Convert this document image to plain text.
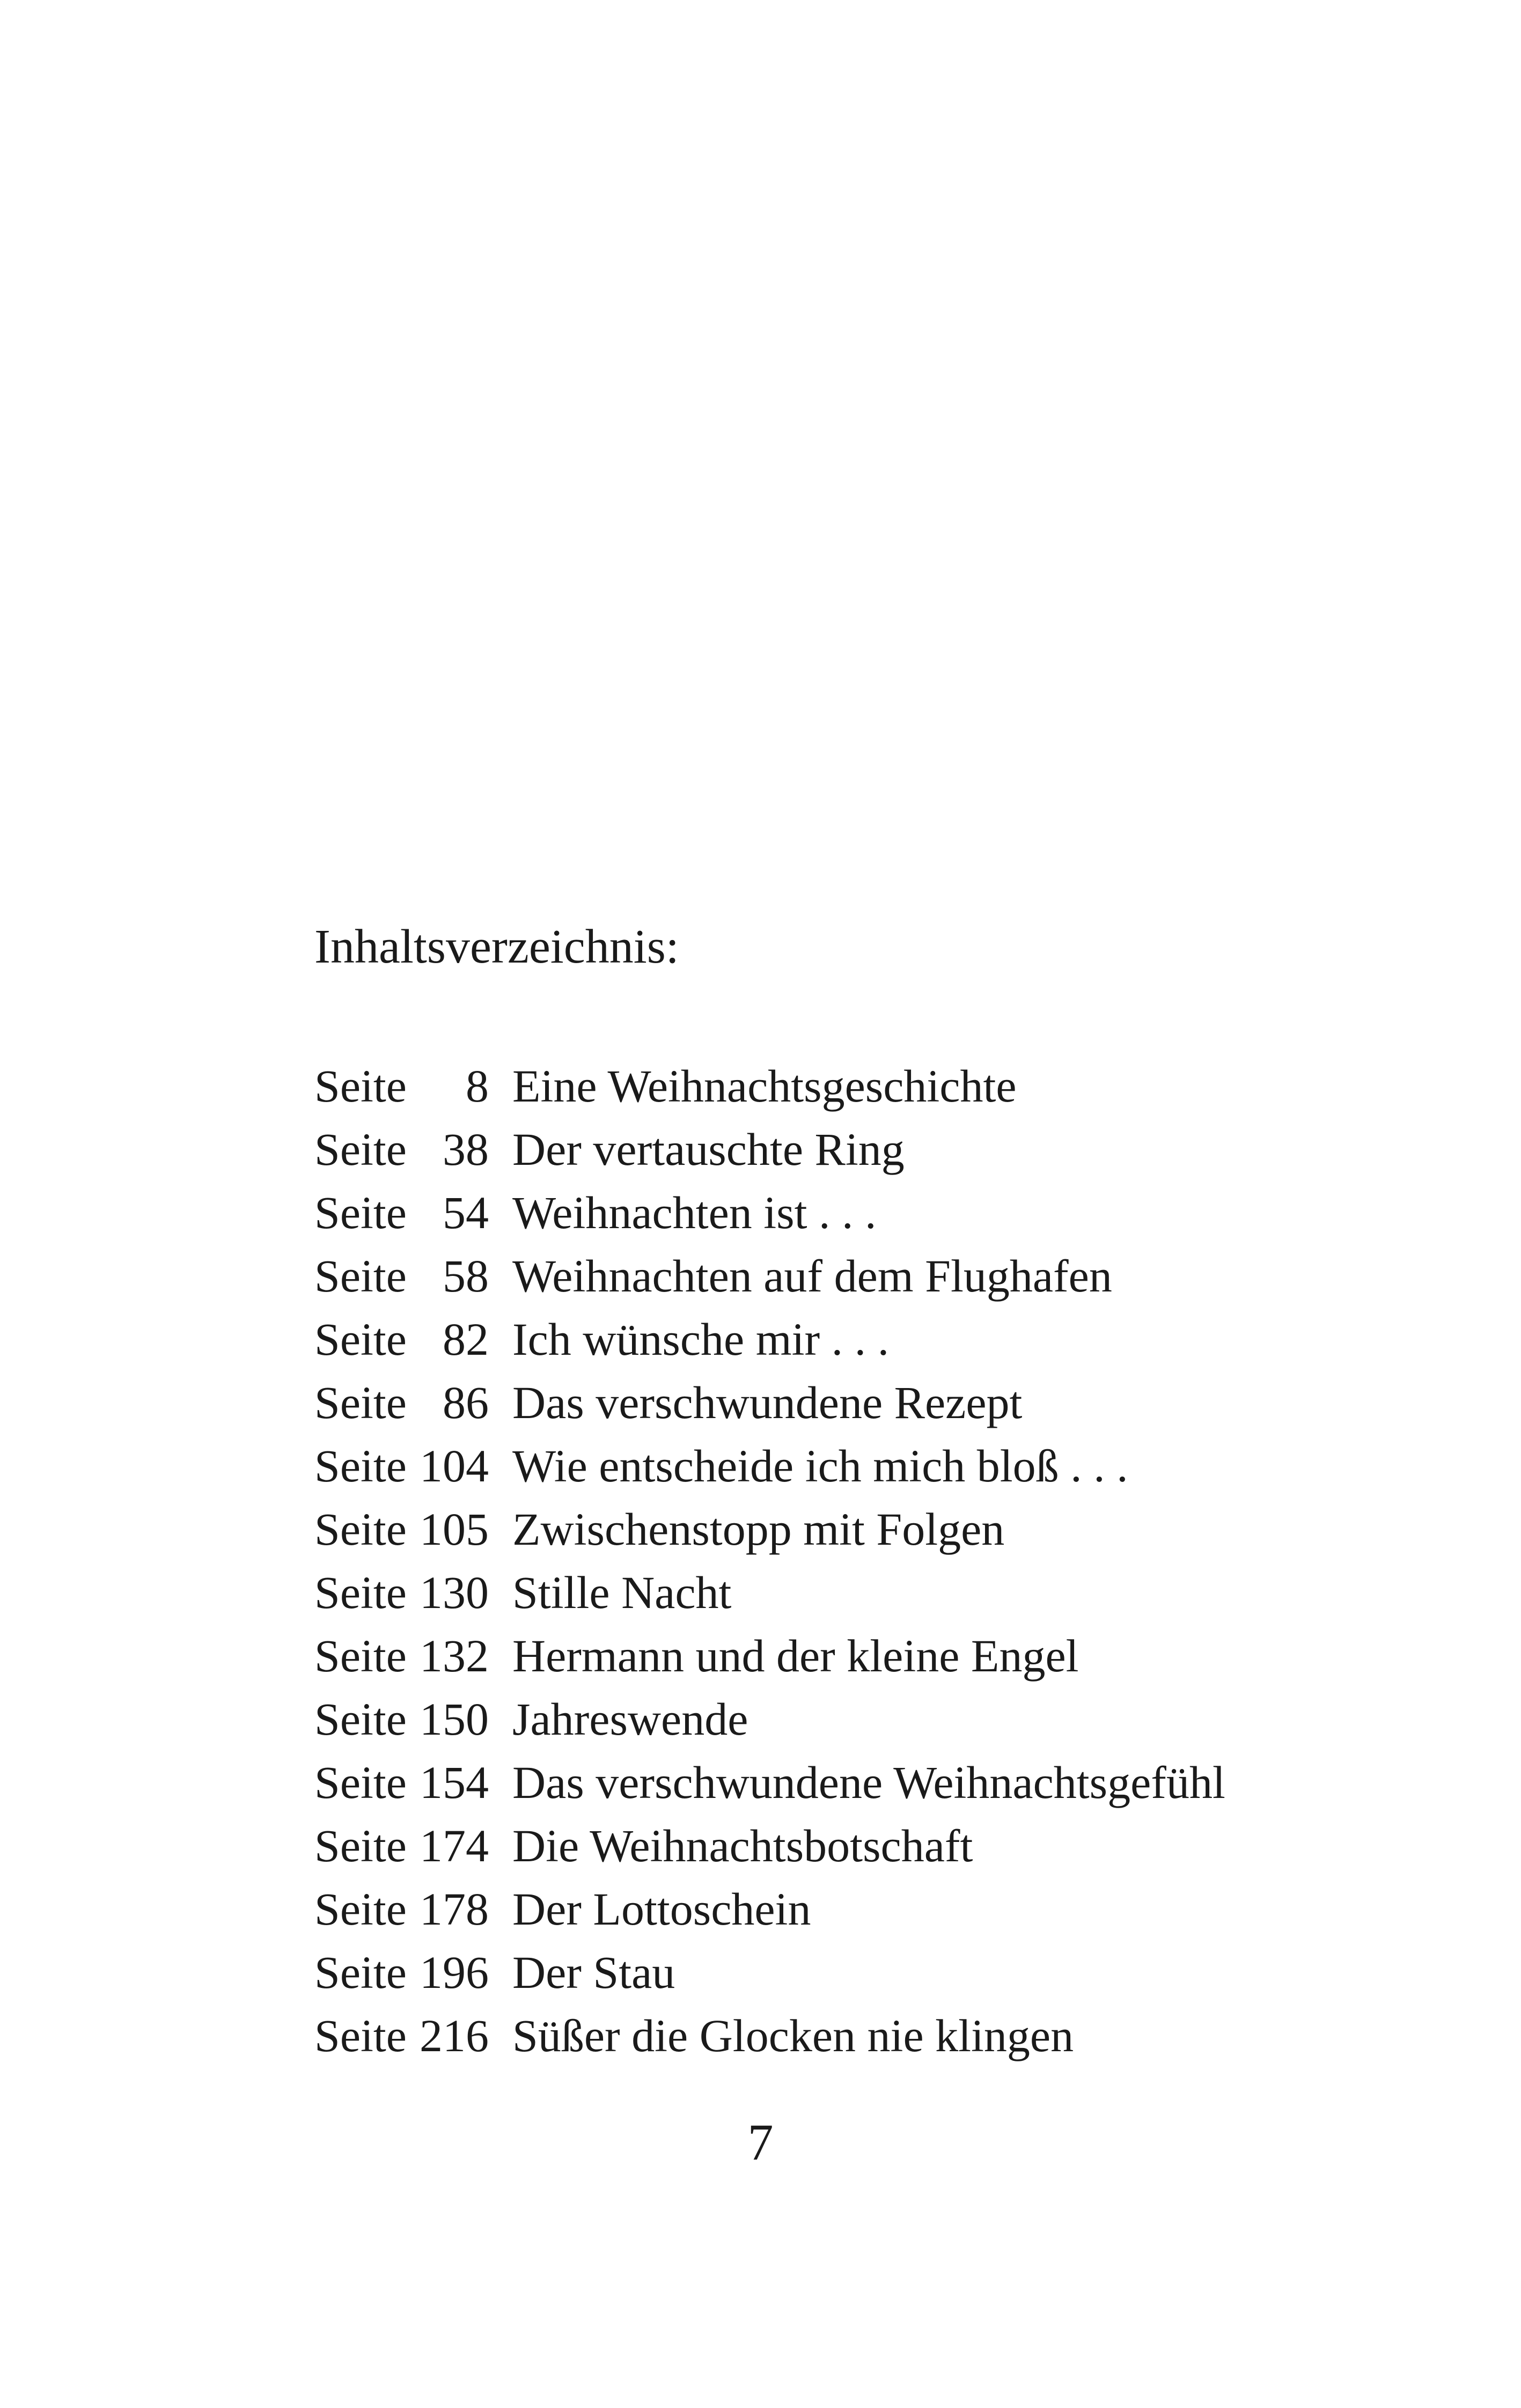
Inhaltsverzeichnis:
Seite	8 Eine Weihnachtsgeschichte
Seite 38 Der vertauschte Ring
Seite 54 Weihnachten ist . . .
Seite 58 Weihnachten auf dem Flughafen
Seite 82 Ich wünsche mir . . .
Seite 86 Das verschwundene Rezept
Seite 104 Wie entscheide ich mich bloß . . .
Seite 105 Zwischenstopp mit Folgen
Seite 130 Stille Nacht
Seite 132 Hermann und der kleine Engel
Seite 150 Jahreswende
Seite 154 Das verschwundene Weihnachtsgefühl
Seite 174 Die Weihnachtsbotschaft
Seite 178 Der Lottoschein
Seite 196 Der Stau
Seite 216 Süßer die Glocken nie klingen
7
